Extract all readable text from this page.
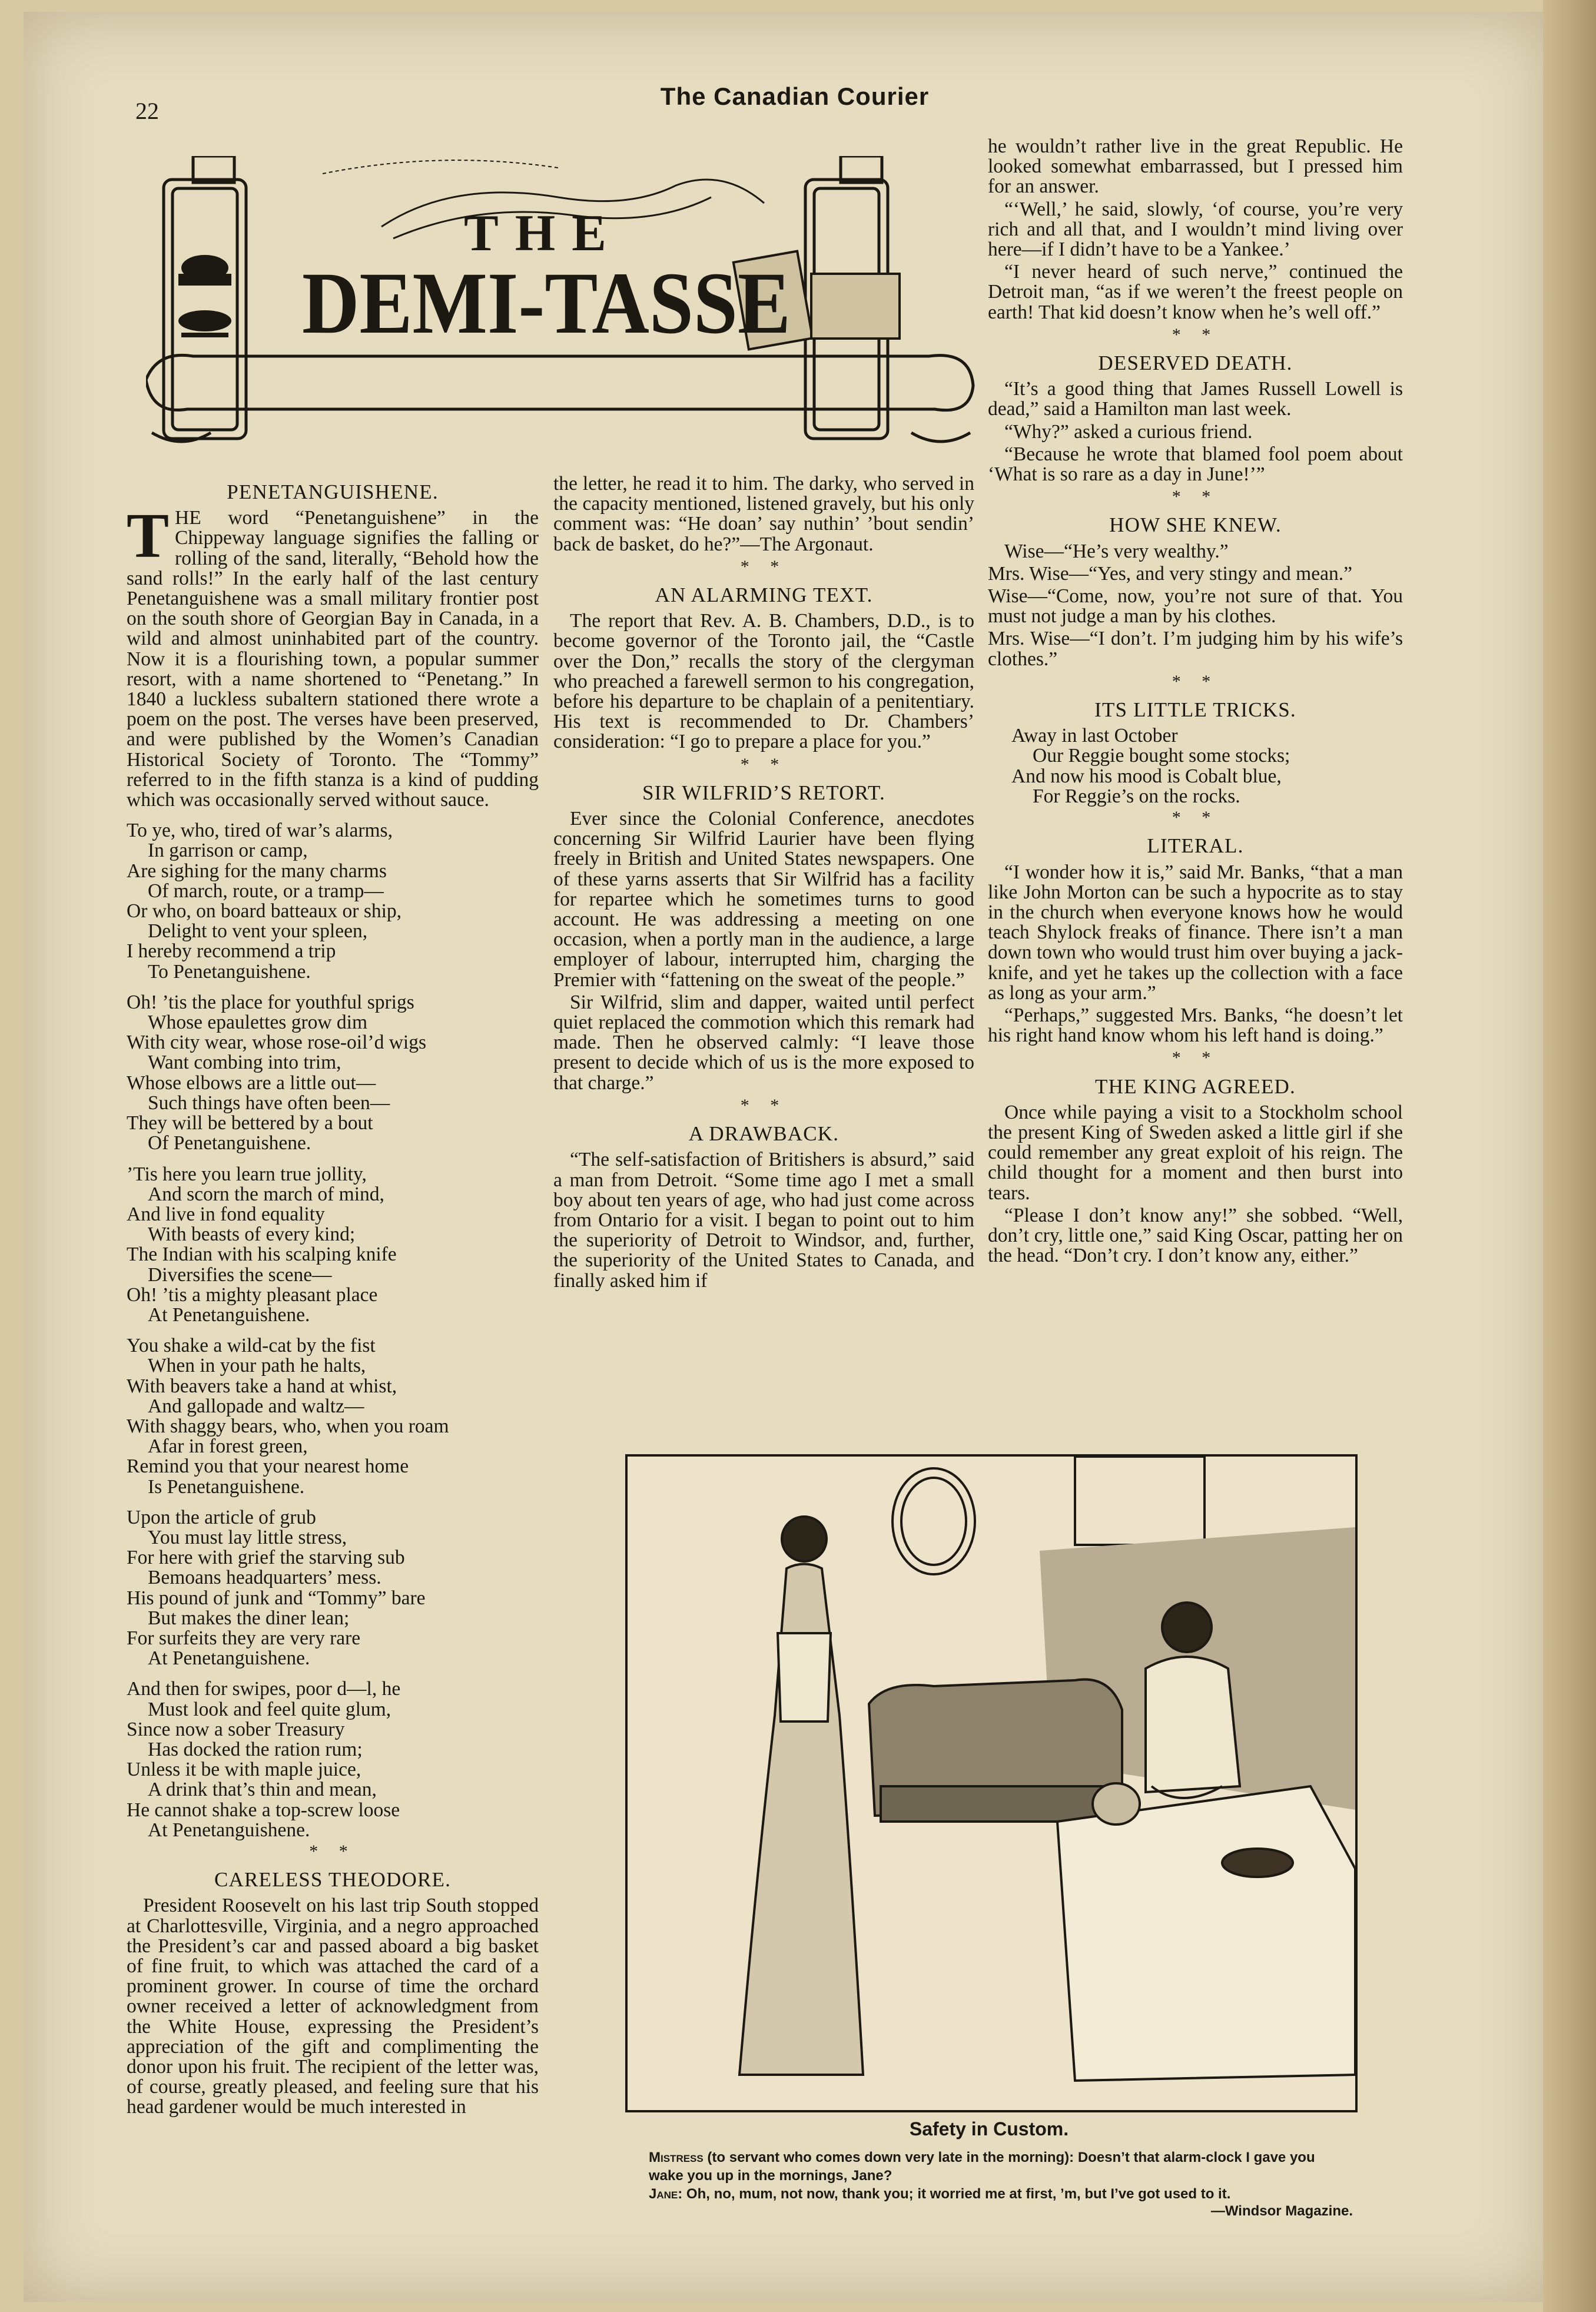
22
The Canadian Courier
THE
DEMI-TASSE
PENETANGUISHENE.

THE word “Penetanguishene” in the Chippeway language signifies the falling or rolling of the sand, literally, “Behold how the sand rolls!” In the early half of the last century Penetanguishene was a small military frontier post on the south shore of Georgian Bay in Canada, in a wild and almost uninhabited part of the country. Now it is a flourishing town, a popular summer resort, with a name shortened to “Penetang.” In 1840 a luckless subaltern stationed there wrote a poem on the post. The verses have been preserved, and were published by the Women’s Canadian Historical Society of Toronto. The “Tommy” referred to in the fifth stanza is a kind of pudding which was occasionally served without sauce.

To ye, who, tired of war’s alarms,
In garrison or camp,
Are sighing for the many charms
Of march, route, or a tramp—
Or who, on board batteaux or ship,
Delight to vent your spleen,
I hereby recommend a trip
To Penetanguishene.
Oh! ’tis the place for youthful sprigs
Whose epaulettes grow dim
With city wear, whose rose-oil’d wigs
Want combing into trim,
Whose elbows are a little out—
Such things have often been—
They will be bettered by a bout
Of Penetanguishene.
’Tis here you learn true jollity,
And scorn the march of mind,
And live in fond equality
With beasts of every kind;
The Indian with his scalping knife
Diversifies the scene—
Oh! ’tis a mighty pleasant place
At Penetanguishene.
You shake a wild-cat by the fist
When in your path he halts,
With beavers take a hand at whist,
And gallopade and waltz—
With shaggy bears, who, when you roam
Afar in forest green,
Remind you that your nearest home
Is Penetanguishene.
Upon the article of grub
You must lay little stress,
For here with grief the starving sub
Bemoans headquarters’ mess.
His pound of junk and “Tommy” bare
But makes the diner lean;
For surfeits they are very rare
At Penetanguishene.
And then for swipes, poor d—l, he
Must look and feel quite glum,
Since now a sober Treasury
Has docked the ration rum;
Unless it be with maple juice,
A drink that’s thin and mean,
He cannot shake a top-screw loose
At Penetanguishene.
* *
CARELESS THEODORE.

President Roosevelt on his last trip South stopped at Charlottesville, Virginia, and a negro approached the President’s car and passed aboard a big basket of fine fruit, to which was attached the card of a prominent grower. In course of time the orchard owner received a letter of acknowledgment from the White House, expressing the President’s appreciation of the gift and complimenting the donor upon his fruit. The recipient of the letter was, of course, greatly pleased, and feeling sure that his head gardener would be much interested in

the letter, he read it to him. The darky, who served in the capacity mentioned, listened gravely, but his only comment was: “He doan’ say nuthin’ ’bout sendin’ back de basket, do he?”—The Argonaut.

* *
AN ALARMING TEXT.

The report that Rev. A. B. Chambers, D.D., is to become governor of the Toronto jail, the “Castle over the Don,” recalls the story of the clergyman who preached a farewell sermon to his congregation, before his departure to be chaplain of a penitentiary. His text is recommended to Dr. Chambers’ consideration: “I go to prepare a place for you.”

* *
SIR WILFRID’S RETORT.

Ever since the Colonial Conference, anecdotes concerning Sir Wilfrid Laurier have been flying freely in British and United States newspapers. One of these yarns asserts that Sir Wilfrid has a facility for repartee which he sometimes turns to good account. He was addressing a meeting on one occasion, when a portly man in the audience, a large employer of labour, interrupted him, charging the Premier with “fattening on the sweat of the people.”

Sir Wilfrid, slim and dapper, waited until perfect quiet replaced the commotion which this remark had made. Then he observed calmly: “I leave those present to decide which of us is the more exposed to that charge.”

* *
A DRAWBACK.

“The self-satisfaction of Britishers is absurd,” said a man from Detroit. “Some time ago I met a small boy about ten years of age, who had just come across from Ontario for a visit. I began to point out to him the superiority of Detroit to Windsor, and, further, the superiority of the United States to Canada, and finally asked him if

he wouldn’t rather live in the great Republic. He looked somewhat embarrassed, but I pressed him for an answer.

“‘Well,’ he said, slowly, ‘of course, you’re very rich and all that, and I wouldn’t mind living over here—if I didn’t have to be a Yankee.’

“I never heard of such nerve,” continued the Detroit man, “as if we weren’t the freest people on earth! That kid doesn’t know when he’s well off.”

* *
DESERVED DEATH.

“It’s a good thing that James Russell Lowell is dead,” said a Hamilton man last week.

“Why?” asked a curious friend.

“Because he wrote that blamed fool poem about ‘What is so rare as a day in June!’”

* *
HOW SHE KNEW.

Wise—“He’s very wealthy.”

Mrs. Wise—“Yes, and very stingy and mean.”

Wise—“Come, now, you’re not sure of that. You must not judge a man by his clothes.

Mrs. Wise—“I don’t. I’m judging him by his wife’s clothes.”

* *
ITS LITTLE TRICKS.
Away in last October
Our Reggie bought some stocks;
And now his mood is Cobalt blue,
For Reggie’s on the rocks.
* *
LITERAL.

“I wonder how it is,” said Mr. Banks, “that a man like John Morton can be such a hypocrite as to stay in the church when everyone knows how he would teach Shylock freaks of finance. There isn’t a man down town who would trust him over buying a jack-knife, and yet he takes up the collection with a face as long as your arm.”

“Perhaps,” suggested Mrs. Banks, “he doesn’t let his right hand know whom his left hand is doing.”

* *
THE KING AGREED.

Once while paying a visit to a Stockholm school the present King of Sweden asked a little girl if she could remember any great exploit of his reign. The child thought for a moment and then burst into tears.

“Please I don’t know any!” she sobbed. “Well, don’t cry, little one,” said King Oscar, patting her on the head. “Don’t cry. I don’t know any, either.”

Safety in Custom.
Mistress (to servant who comes down very late in the morning): Doesn’t that alarm-clock I gave you wake you up in the mornings, Jane?
Jane: Oh, no, mum, not now, thank you; it worried me at first, ’m, but I’ve got used to it.
—Windsor Magazine.
